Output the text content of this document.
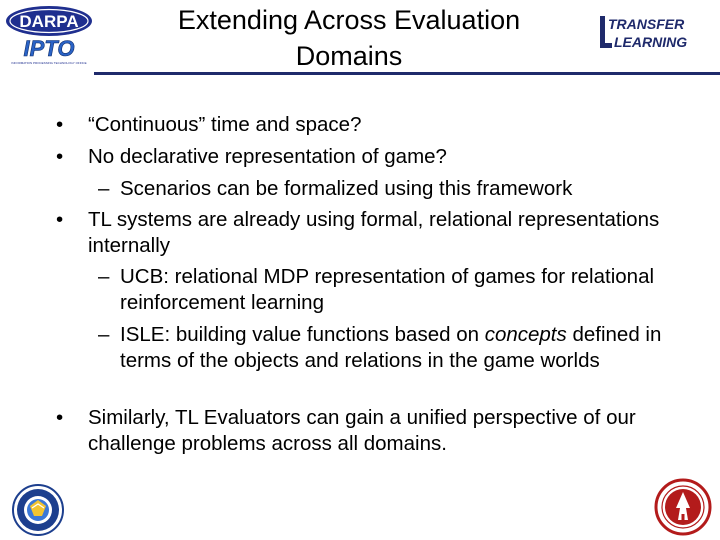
DARPA
IPTO
INFORMATION PROCESSING TECHNOLOGY OFFICE
Extending Across Evaluation Domains
TRANSFER
LEARNING
• “Continuous” time and space?
• No declarative representation of game?
– Scenarios can be formalized using this framework
• TL systems are already using formal, relational representations internally
– UCB: relational MDP representation of games for relational reinforcement learning
– ISLE: building value functions based on concepts defined in terms of the objects and relations in the game worlds
• Similarly, TL Evaluators can gain a unified perspective of our challenge problems across all domains.
